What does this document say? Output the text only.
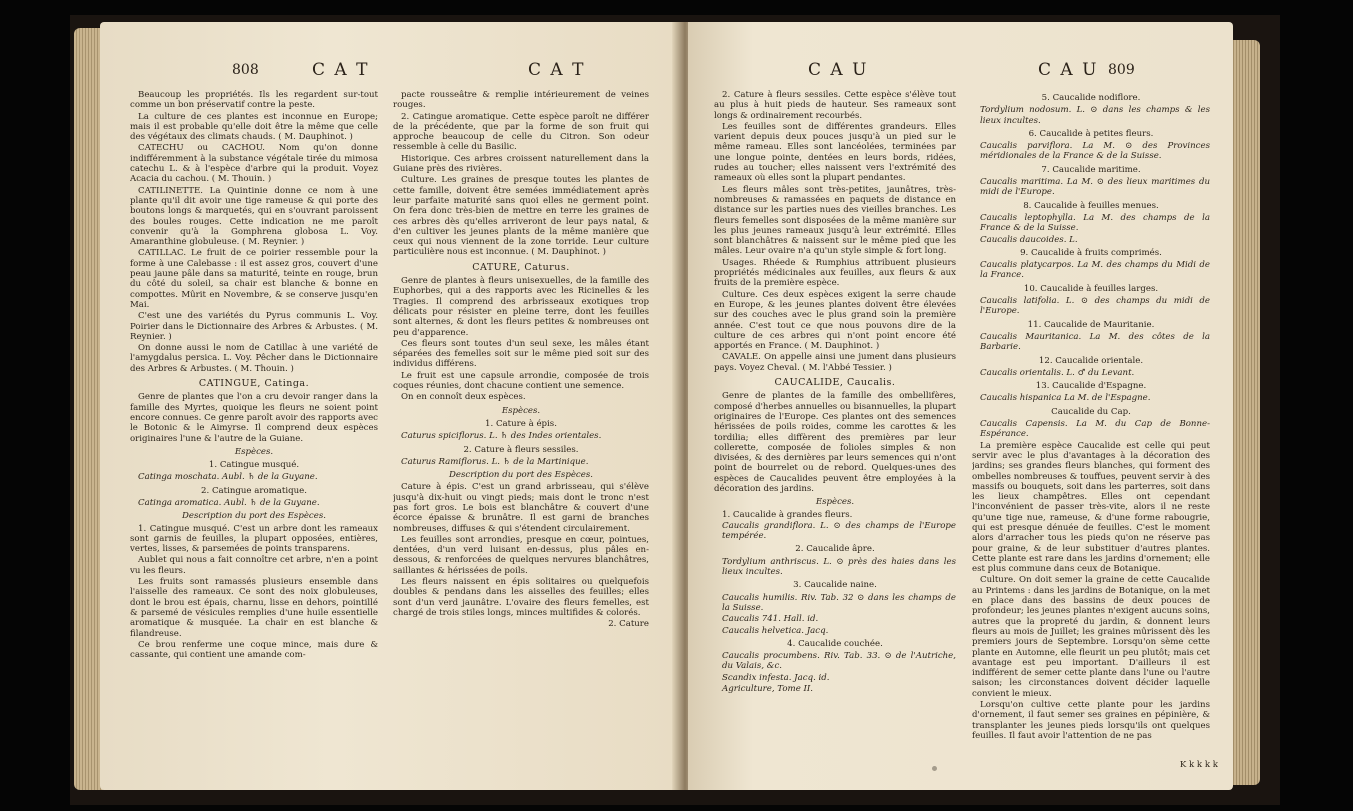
808	C A T	C A T

Beaucoup les propriétés. Ils les regardent sur-tout comme un bon préservatif contre la peste.

La culture de ces plantes est inconnue en Europe; mais il est probable qu'elle doit être la même que celle des végétaux des climats chauds. ( M. Dauphinot. )

CATECHU ou CACHOU. Nom qu'on donne indifféremment à la substance végétale tirée du mimosa catechu L. & à l'espèce d'arbre qui la produit. Voyez Acacia du cachou. ( M. Thouin. )

CATILINETTE. La Quintinie donne ce nom à une plante qu'il dit avoir une tige rameuse & qui porte des boutons longs & marquetés, qui en s'ouvrant paroissent des boules rouges. Cette indication ne me paroît convenir qu'à la Gomphrena globosa L. Voy. Amaranthine globuleuse. ( M. Reynier. )

CATILLAC. Le fruit de ce poirier ressemble pour la forme à une Calebasse : il est assez gros, couvert d'une peau jaune pâle dans sa maturité, teinte en rouge, brun du côté du soleil, sa chair est blanche & bonne en compottes. Mûrit en Novembre, & se conserve jusqu'en Mai.

C'est une des variétés du Pyrus communis L. Voy. Poirier dans le Dictionnaire des Arbres & Arbustes. ( M. Reynier. )

On donne aussi le nom de Catillac à une variété de l'amygdalus persica. L. Voy. Pêcher dans le Dictionnaire des Arbres & Arbustes. ( M. Thouin. )

CATINGUE, Catinga.

Genre de plantes que l'on a cru devoir ranger dans la famille des Myrtes, quoique les fleurs ne soient point encore connues. Ce genre paroît avoir des rapports avec le Botonic & le Aimyrse. Il comprend deux espèces originaires l'une & l'autre de la Guiane.

Espèces.

1. Catingue musqué.

Catinga moschata. Aubl. ♄ de la Guyane.

2. Catingue aromatique.

Catinga aromatica. Aubl. ♄ de la Guyane.

Description du port des Espèces.

1. Catingue musqué. C'est un arbre dont les rameaux sont garnis de feuilles, la plupart opposées, entières, vertes, lisses, & parsemées de points transparens.

Aublet qui nous a fait connoître cet arbre, n'en a point vu les fleurs.

Les fruits sont ramassés plusieurs ensemble dans l'aisselle des rameaux. Ce sont des noix globuleuses, dont le brou est épais, charnu, lisse en dehors, pointillé & parsemé de vésicules remplies d'une huile essentielle aromatique & musquée. La chair en est blanche & filandreuse.

Ce brou renferme une coque mince, mais dure & cassante, qui contient une amande com-

pacte rousseâtre & remplie intérieurement de veines rouges.

2. Catingue aromatique. Cette espèce paroît ne différer de la précédente, que par la forme de son fruit qui approche beaucoup de celle du Citron. Son odeur ressemble à celle du Basilic.

Historique. Ces arbres croissent naturellement dans la Guiane près des rivières.

Culture. Les graines de presque toutes les plantes de cette famille, doivent être semées immédiatement après leur parfaite maturité sans quoi elles ne germent point. On fera donc très-bien de mettre en terre les graines de ces arbres dès qu'elles arriveront de leur pays natal, & d'en cultiver les jeunes plants de la même manière que ceux qui nous viennent de la zone torride. Leur culture particulière nous est inconnue. ( M. Dauphinot. )

CATURE, Caturus.

Genre de plantes à fleurs unisexuelles, de la famille des Euphorbes, qui a des rapports avec les Ricinelles & les Tragies. Il comprend des arbrisseaux exotiques trop délicats pour résister en pleine terre, dont les feuilles sont alternes, & dont les fleurs petites & nombreuses ont peu d'apparence.

Ces fleurs sont toutes d'un seul sexe, les mâles étant séparées des femelles soit sur le même pied soit sur des individus différens.

Le fruit est une capsule arrondie, composée de trois coques réunies, dont chacune contient une semence.

On en connoît deux espèces.

Espèces.

1. Cature à épis.

Caturus spiciflorus. L. ♄ des Indes orientales.

2. Cature à fleurs sessiles.

Caturus Ramiflorus. L. ♄ de la Martinique.

Description du port des Espèces.

Cature à épis. C'est un grand arbrisseau, qui s'élève jusqu'à dix-huit ou vingt pieds; mais dont le tronc n'est pas fort gros. Le bois est blanchâtre & couvert d'une écorce épaisse & brunâtre. Il est garni de branches nombreuses, diffuses & qui s'étendent circulairement.

Les feuilles sont arrondies, presque en cœur, pointues, dentées, d'un verd luisant en-dessus, plus pâles en-dessous, & renforcées de quelques nervures blanchâtres, saillantes & hérissées de poils.

Les fleurs naissent en épis solitaires ou quelquefois doubles & pendans dans les aisselles des feuilles; elles sont d'un verd jaunâtre. L'ovaire des fleurs femelles, est chargé de trois stiles longs, minces multifides & colorés.

2. Cature

C A U	C A U 809

2. Cature à fleurs sessiles. Cette espèce s'élève tout au plus à huit pieds de hauteur. Ses rameaux sont longs & ordinairement recourbés.

Les feuilles sont de différentes grandeurs. Elles varient depuis deux pouces jusqu'à un pied sur le même rameau. Elles sont lancéolées, terminées par une longue pointe, dentées en leurs bords, ridées, rudes au toucher; elles naissent vers l'extrémité des rameaux où elles sont la plupart pendantes.

Les fleurs mâles sont très-petites, jaunâtres, très-nombreuses & ramassées en paquets de distance en distance sur les parties nues des vieilles branches. Les fleurs femelles sont disposées de la même manière sur les plus jeunes rameaux jusqu'à leur extrémité. Elles sont blanchâtres & naissent sur le même pied que les mâles. Leur ovaire n'a qu'un style simple & fort long.

Usages. Rhéede & Rumphius attribuent plusieurs propriétés médicinales aux feuilles, aux fleurs & aux fruits de la première espèce.

Culture. Ces deux espèces exigent la serre chaude en Europe, & les jeunes plantes doivent être élevées sur des couches avec le plus grand soin la première année. C'est tout ce que nous pouvons dire de la culture de ces arbres qui n'ont point encore été apportés en France. ( M. Dauphinot. )

CAVALE. On appelle ainsi une jument dans plusieurs pays. Voyez Cheval. ( M. l'Abbé Tessier. )

CAUCALIDE, Caucalis.

Genre de plantes de la famille des ombellifères, composé d'herbes annuelles ou bisannuelles, la plupart originaires de l'Europe. Ces plantes ont des semences hérissées de poils roides, comme les carottes & les tordilia; elles diffèrent des premières par leur collerette, composée de folioles simples & non divisées, & des dernières par leurs semences qui n'ont point de bourrelet ou de rebord. Quelques-unes des espèces de Caucalides peuvent être employées à la décoration des jardins.

Espèces.

1. Caucalide à grandes fleurs.

Caucalis grandiflora. L. ⊙ des champs de l'Europe tempérée.

2. Caucalide âpre.

Tordylium anthriscus. L. ⊙ près des haies dans les lieux incultes.

3. Caucalide naine.

Caucalis humilis. Riv. Tab. 32 ⊙ dans les champs de la Suisse.

Caucalis 741. Hall. id.

Caucalis helvetica. Jacq.

4. Caucalide couchée.

Caucalis procumbens. Riv. Tab. 33. ⊙ de l'Autriche, du Valais, &c.

Scandix infesta. Jacq. id.

Agriculture, Tome II.

5. Caucalide nodiflore.

Tordylium nodosum. L. ⊙ dans les champs & les lieux incultes.

6. Caucalide à petites fleurs.

Caucalis parviflora. La M. ⊙ des Provinces méridionales de la France & de la Suisse.

7. Caucalide maritime.

Caucalis maritima. La M. ⊙ des lieux maritimes du midi de l'Europe.

8. Caucalide à feuilles menues.

Caucalis leptophylla. La M. des champs de la France & de la Suisse.

Caucalis daucoides. L.

9. Caucalide à fruits comprimés.

Caucalis platycarpos. La M. des champs du Midi de la France.

10. Caucalide à feuilles larges.

Caucalis latifolia. L. ⊙ des champs du midi de l'Europe.

11. Caucalide de Mauritanie.

Caucalis Mauritanica. La M. des côtes de la Barbarie.

12. Caucalide orientale.

Caucalis orientalis. L. ♂ du Levant.

13. Caucalide d'Espagne.

Caucalis hispanica La M. de l'Espagne.

Caucalide du Cap.

Caucalis Capensis. La M. du Cap de Bonne-Espérance.

La première espèce Caucalide est celle qui peut servir avec le plus d'avantages à la décoration des jardins; ses grandes fleurs blanches, qui forment des ombelles nombreuses & touffues, peuvent servir à des massifs ou bouquets, soit dans les parterres, soit dans les lieux champêtres. Elles ont cependant l'inconvénient de passer très-vite, alors il ne reste qu'une tige nue, rameuse, & d'une forme rabougrie, qui est presque dénuée de feuilles. C'est le moment alors d'arracher tous les pieds qu'on ne réserve pas pour graine, & de leur substituer d'autres plantes. Cette plante est rare dans les jardins d'ornement; elle est plus commune dans ceux de Botanique.

Culture. On doit semer la graine de cette Caucalide au Printems : dans les jardins de Botanique, on la met en place dans des bassins de deux pouces de profondeur; les jeunes plantes n'exigent aucuns soins, autres que la propreté du jardin, & donnent leurs fleurs au mois de Juillet; les graines mûrissent dès les premiers jours de Septembre. Lorsqu'on sème cette plante en Automne, elle fleurit un peu plutôt; mais cet avantage est peu important. D'ailleurs il est indifférent de semer cette plante dans l'une ou l'autre saison; les circonstances doivent décider laquelle convient le mieux.

Lorsqu'on cultive cette plante pour les jardins d'ornement, il faut semer ses graines en pépinière, & transplanter les jeunes pieds lorsqu'ils ont quelques feuilles. Il faut avoir l'attention de ne pas

K k k k k
